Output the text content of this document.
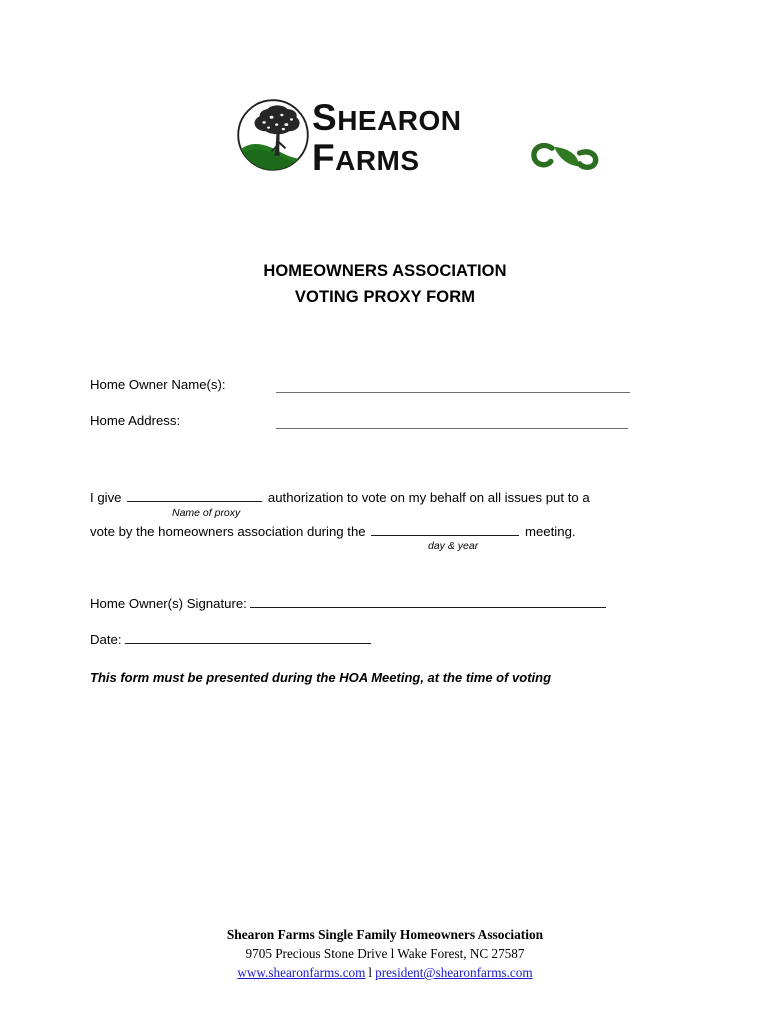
SHEARON
FARMS
HOMEOWNERS ASSOCIATION
VOTING PROXY FORM
Home Owner Name(s):
Home Address:
I give	authorization to vote on my behalf on all issues put to a
Name of proxy
vote by the homeowners association during the	meeting.
day & year
Home Owner(s) Signature:
Date:
This form must be presented during the HOA Meeting, at the time of voting
Shearon Farms Single Family Homeowners Association
9705 Precious Stone Drive l Wake Forest, NC 27587
www.shearonfarms.com l president@shearonfarms.com
